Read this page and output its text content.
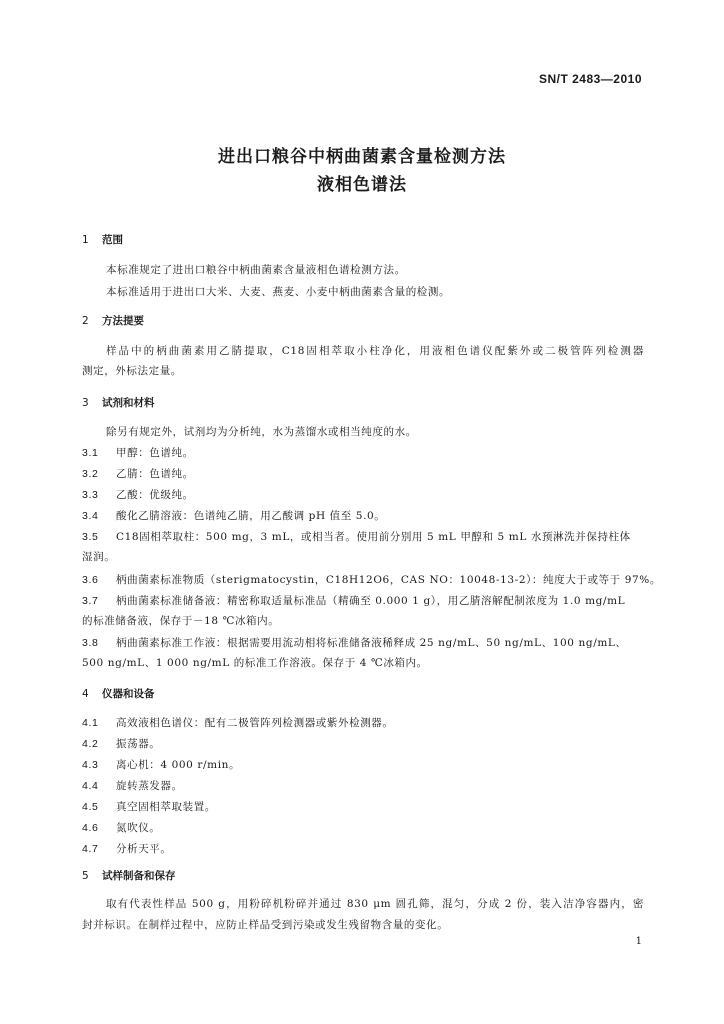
SN/T 2483—2010
进出口粮谷中柄曲菌素含量检测方法
液相色谱法
1 范围
本标准规定了进出口粮谷中柄曲菌素含量液相色谱检测方法。
本标准适用于进出口大米、大麦、燕麦、小麦中柄曲菌素含量的检测。
2 方法提要
样品中的柄曲菌素用乙腈提取，C18固相萃取小柱净化，用液相色谱仪配紫外或二极管阵列检测器
测定，外标法定量。
3 试剂和材料
除另有规定外，试剂均为分析纯，水为蒸馏水或相当纯度的水。
3.1 甲醇：色谱纯。
3.2 乙腈：色谱纯。
3.3 乙酸：优级纯。
3.4 酸化乙腈溶液：色谱纯乙腈，用乙酸调 pH 值至 5.0。
3.5 C18固相萃取柱：500 mg，3 mL，或相当者。使用前分别用 5 mL 甲醇和 5 mL 水预淋洗并保持柱体
湿润。
3.6 柄曲菌素标准物质（sterigmatocystin，C18H12O6，CAS NO：10048-13-2）：纯度大于或等于 97%。
3.7 柄曲菌素标准储备液：精密称取适量标准品（精确至 0.000 1 g），用乙腈溶解配制浓度为 1.0 mg/mL
的标准储备液，保存于－18 ℃冰箱内。
3.8 柄曲菌素标准工作液：根据需要用流动相将标准储备液稀释成 25 ng/mL、50 ng/mL、100 ng/mL、
500 ng/mL、1 000 ng/mL 的标准工作溶液。保存于 4 ℃冰箱内。
4 仪器和设备
4.1 高效液相色谱仪：配有二极管阵列检测器或紫外检测器。
4.2 振荡器。
4.3 离心机：4 000 r/min。
4.4 旋转蒸发器。
4.5 真空固相萃取装置。
4.6 氮吹仪。
4.7 分析天平。
5 试样制备和保存
取有代表性样品 500 g，用粉碎机粉碎并通过 830 μm 圆孔筛，混匀，分成 2 份，装入洁净容器内，密
封并标识。在制样过程中，应防止样品受到污染或发生残留物含量的变化。
1
